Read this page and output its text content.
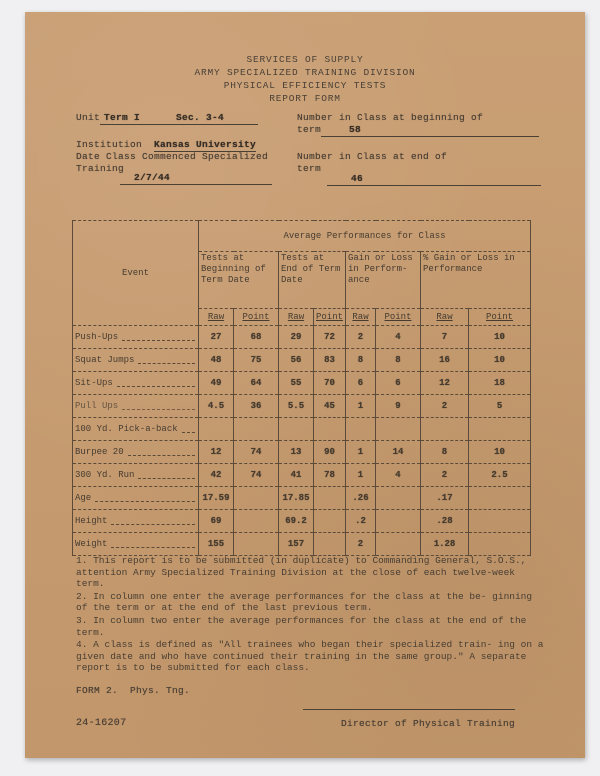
SERVICES OF SUPPLY
ARMY SPECIALIZED TRAINING DIVISION
PHYSICAL EFFICIENCY TESTS
REPORT FORM
Unit Term I      Sec. 3-4
Institution Kansas University
Date Class Commenced Specialized
Training
2/7/44
Number in Class at beginning of
term	58
Number in Class at end of
term
46
Event	Average Performances for Class							
	Tests at Beginning of Term Date		Tests at End of Term Date		Gain or Loss in Perform- ance		% Gain or Loss in Performance	
	Raw	Point	Raw	Point	Raw	Point	Raw	Point

Push-Ups	27	68	29	72	2	4	7	10

Squat Jumps	48	75	56	83	8	8	16	10

Sit-Ups	49	64	55	70	6	6	12	18

Pull Ups	4.5	36	5.5	45	1	9	2	5

100 Yd. Pick-a-back								

Burpee 20	12	74	13	90	1	14	8	10

300 Yd. Run	42	74	41	78	1	4	2	2.5

Age	17.59		17.85		.26		.17	

Height	69		69.2		.2		.28	

Weight	155		157		2		1.28	
1. This report is to be submitted (in duplicate) to Commanding General, S.O.S., attention Army Specialized Training Division at the close of each twelve-week term.
2. In column one enter the average performances for the class at the be- ginning of the term or at the end of the last previous term.
3. In column two enter the average performances for the class at the end of the term.
4. A class is defined as "All trainees who began their specialized train- ing on a given date and who have continued their training in the same group." A separate report is to be submitted for each class.
FORM 2.  Phys. Tng.
24-16207	Director of Physical Training
